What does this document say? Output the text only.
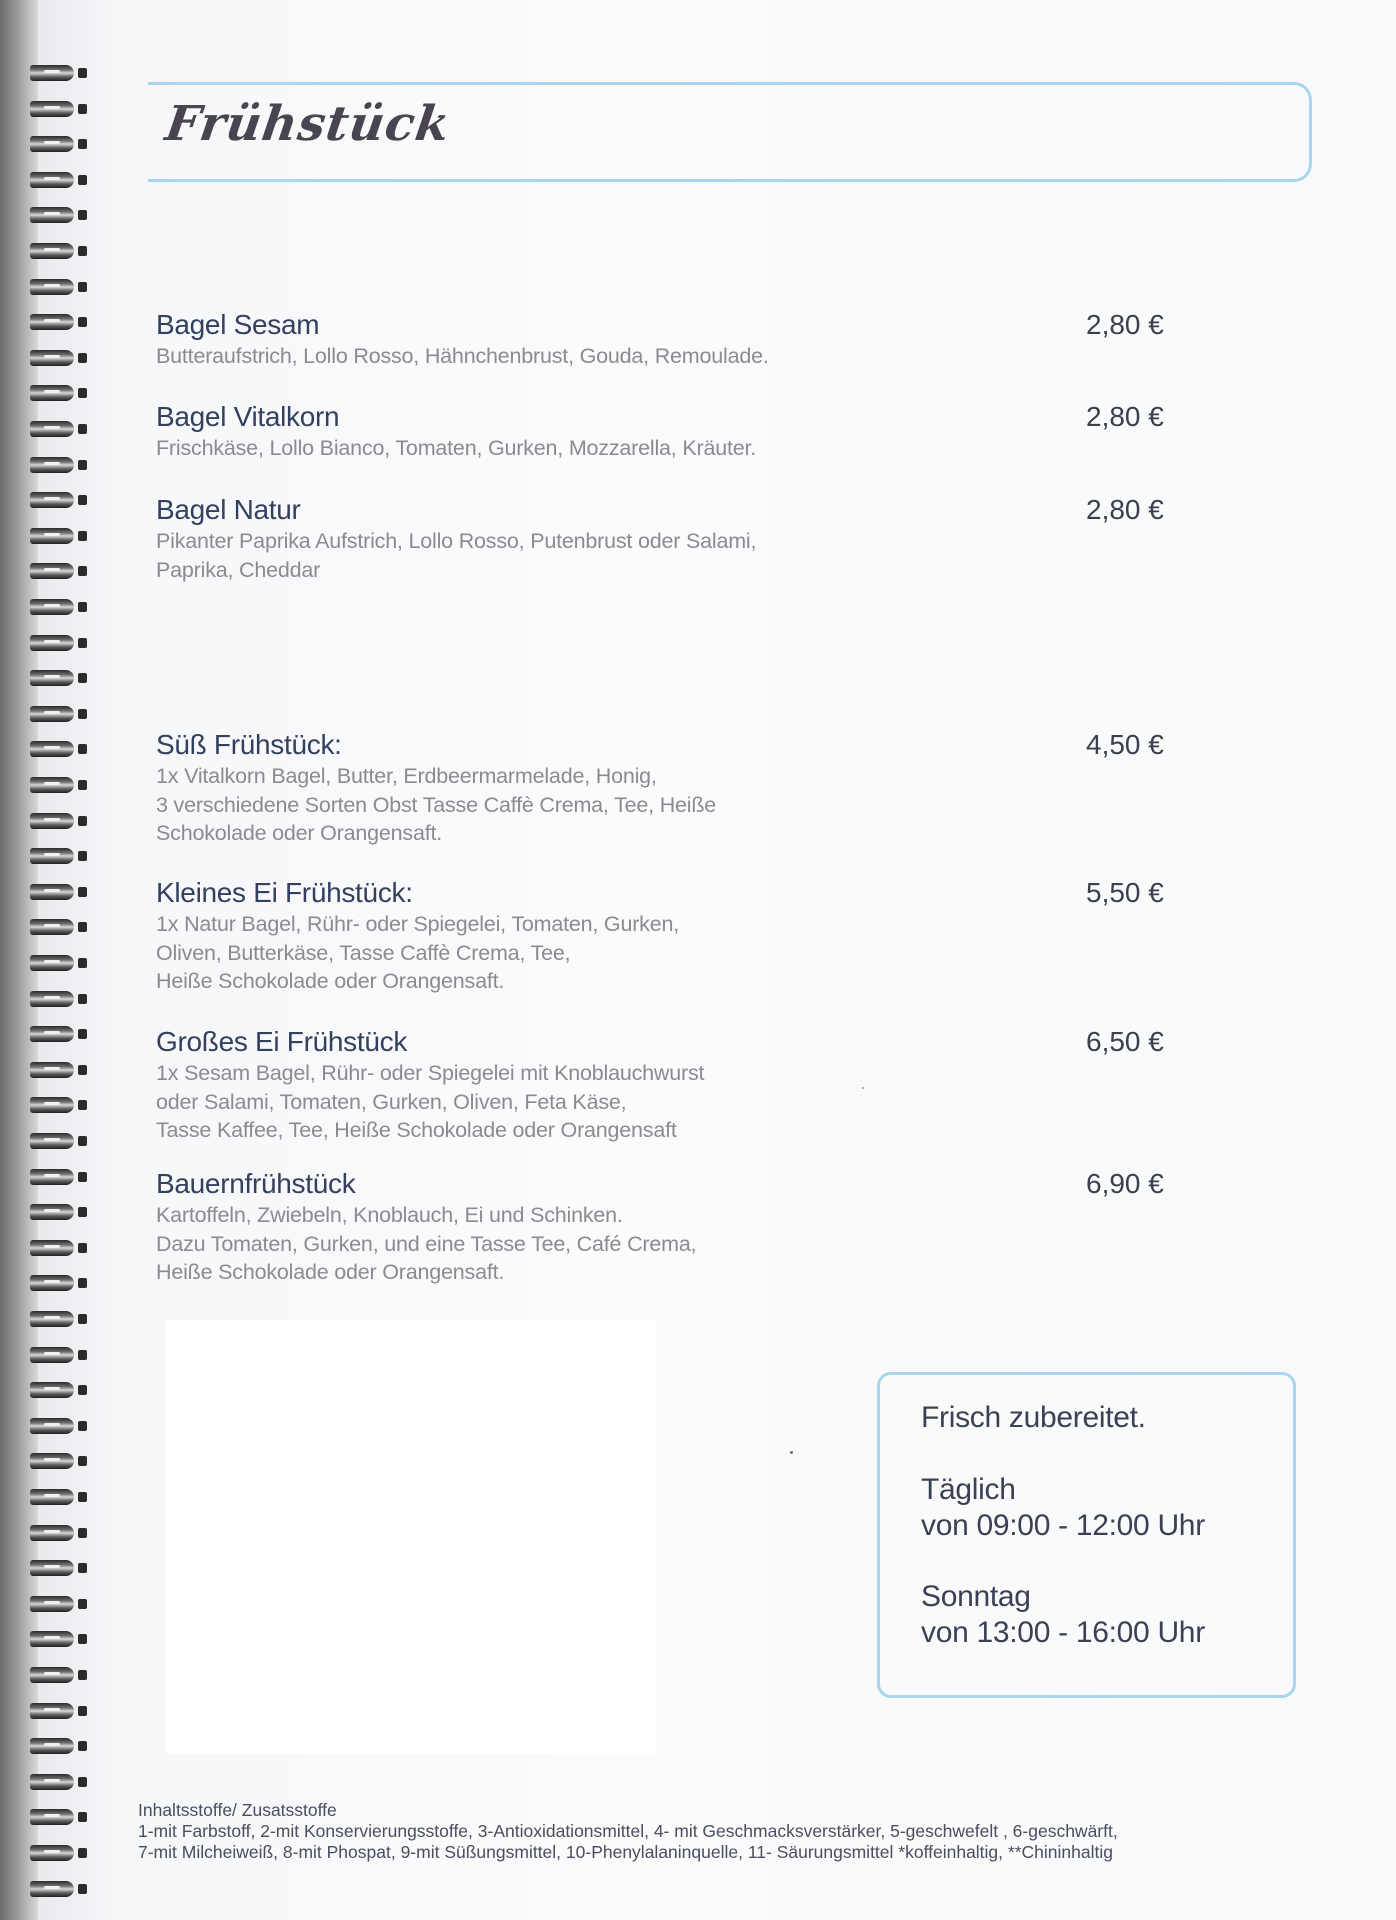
Frühstück
Bagel Sesam
Butteraufstrich, Lollo Rosso, Hähnchenbrust, Gouda, Remoulade.
2,80 €
Bagel Vitalkorn
Frischkäse, Lollo Bianco, Tomaten, Gurken, Mozzarella, Kräuter.
2,80 €
Bagel Natur
Pikanter Paprika Aufstrich, Lollo Rosso, Putenbrust oder Salami,
Paprika, Cheddar
2,80 €
Süß Frühstück:
1x Vitalkorn Bagel, Butter, Erdbeermarmelade, Honig,
3 verschiedene Sorten Obst Tasse Caffè Crema, Tee, Heiße
Schokolade oder Orangensaft.
4,50 €
Kleines Ei Frühstück:
1x Natur Bagel, Rühr- oder Spiegelei, Tomaten, Gurken,
Oliven, Butterkäse, Tasse Caffè Crema, Tee,
Heiße Schokolade oder Orangensaft.
5,50 €
Großes Ei Frühstück
1x Sesam Bagel, Rühr- oder Spiegelei mit Knoblauchwurst
oder Salami, Tomaten, Gurken, Oliven, Feta Käse,
Tasse Kaffee, Tee, Heiße Schokolade oder Orangensaft
6,50 €
Bauernfrühstück
Kartoffeln, Zwiebeln, Knoblauch, Ei und Schinken.
Dazu Tomaten, Gurken, und eine Tasse Tee, Café Crema,
Heiße Schokolade oder Orangensaft.
6,90 €
Frisch zubereitet.
Täglich
von 09:00 - 12:00 Uhr
Sonntag
von 13:00 - 16:00 Uhr
Inhaltsstoffe/ Zusatsstoffe
1-mit Farbstoff, 2-mit Konservierungsstoffe, 3-Antioxidationsmittel, 4- mit Geschmacksverstärker, 5-geschwefelt , 6-geschwärft,
7-mit Milcheiweiß, 8-mit Phospat, 9-mit Süßungsmittel, 10-Phenylalaninquelle, 11- Säurungsmittel *koffeinhaltig, **Chininhaltig
